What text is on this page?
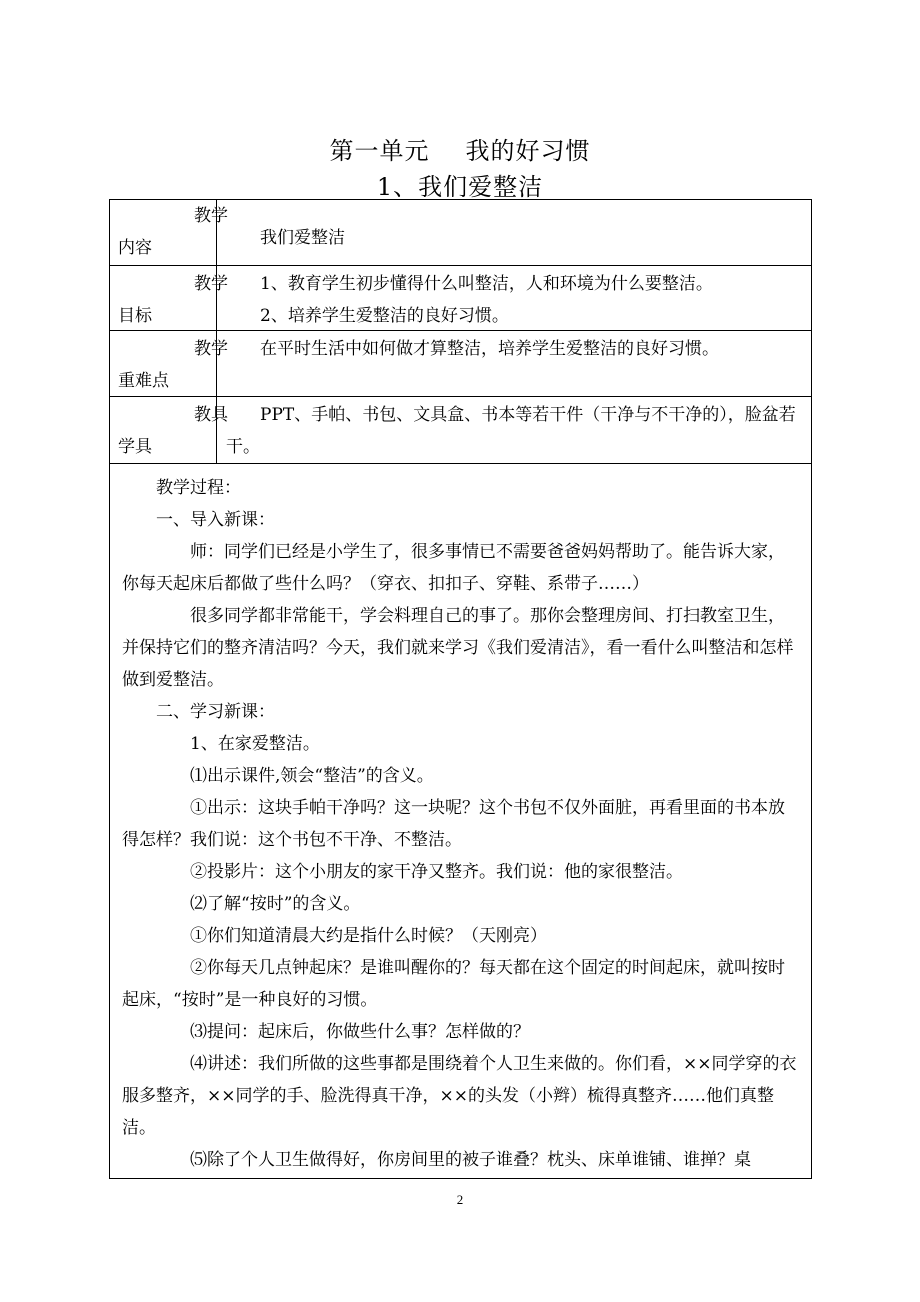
第一单元 我的好习惯
1、我们爱整洁
教学
内容	我们爱整洁

教学
目标

1、教育学生初步懂得什么叫整洁，人和环境为什么要整洁。

2、培养学生爱整洁的良好习惯。

教学
重难点

在平时生活中如何做才算整洁，培养学生爱整洁的良好习惯。

教具
学具

PPT、手帕、书包、文具盒、书本等若干件（干净与不干净的），脸盆若干。

教学过程：

一、导入新课：

师：同学们已经是小学生了，很多事情已不需要爸爸妈妈帮助了。能告诉大家，你每天起床后都做了些什么吗？（穿衣、扣扣子、穿鞋、系带子……）

很多同学都非常能干，学会料理自己的事了。那你会整理房间、打扫教室卫生，并保持它们的整齐清洁吗？今天，我们就来学习《我们爱清洁》，看一看什么叫整洁和怎样做到爱整洁。

二、学习新课：

1、在家爱整洁。

⑴出示课件,领会“整洁”的含义。

①出示：这块手帕干净吗？这一块呢？这个书包不仅外面脏，再看里面的书本放得怎样？我们说：这个书包不干净、不整洁。

②投影片：这个小朋友的家干净又整齐。我们说：他的家很整洁。

⑵了解“按时”的含义。

①你们知道清晨大约是指什么时候？（天刚亮）

②你每天几点钟起床？是谁叫醒你的？每天都在这个固定的时间起床，就叫按时起床，“按时”是一种良好的习惯。

⑶提问：起床后，你做些什么事？怎样做的？

⑷讲述：我们所做的这些事都是围绕着个人卫生来做的。你们看，××同学穿的衣服多整齐，××同学的手、脸洗得真干净，××的头发（小辫）梳得真整齐……他们真整洁。

⑸除了个人卫生做得好，你房间里的被子谁叠？枕头、床单谁铺、谁掸？桌

2
